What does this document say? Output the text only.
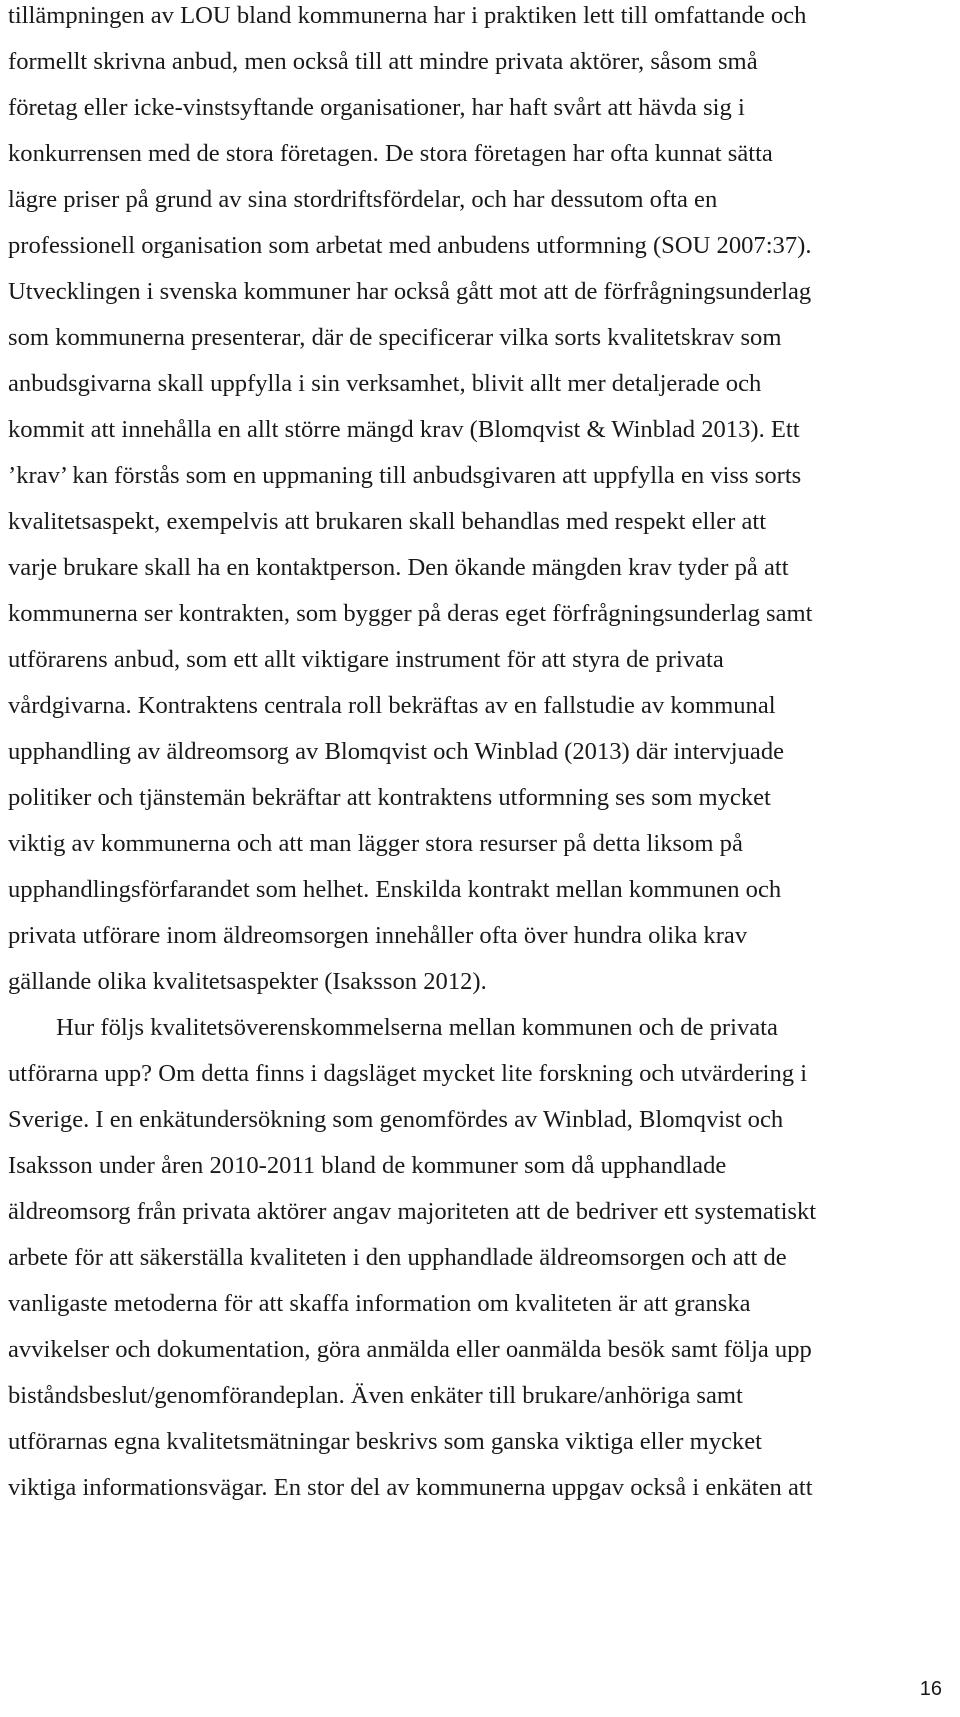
tillämpningen av LOU bland kommunerna har i praktiken lett till omfattande och
formellt skrivna anbud, men också till att mindre privata aktörer, såsom små
företag eller icke-vinstsyftande organisationer, har haft svårt att hävda sig i
konkurrensen med de stora företagen. De stora företagen har ofta kunnat sätta
lägre priser på grund av sina stordriftsfördelar, och har dessutom ofta en
professionell organisation som arbetat med anbudens utformning (SOU 2007:37).
Utvecklingen i svenska kommuner har också gått mot att de förfrågningsunderlag
som kommunerna presenterar, där de specificerar vilka sorts kvalitetskrav som
anbudsgivarna skall uppfylla i sin verksamhet, blivit allt mer detaljerade och
kommit att innehålla en allt större mängd krav (Blomqvist & Winblad 2013). Ett
’krav’ kan förstås som en uppmaning till anbudsgivaren att uppfylla en viss sorts
kvalitetsaspekt, exempelvis att brukaren skall behandlas med respekt eller att
varje brukare skall ha en kontaktperson. Den ökande mängden krav tyder på att
kommunerna ser kontrakten, som bygger på deras eget förfrågningsunderlag samt
utförarens anbud, som ett allt viktigare instrument för att styra de privata
vårdgivarna. Kontraktens centrala roll bekräftas av en fallstudie av kommunal
upphandling av äldreomsorg av Blomqvist och Winblad (2013) där intervjuade
politiker och tjänstemän bekräftar att kontraktens utformning ses som mycket
viktig av kommunerna och att man lägger stora resurser på detta liksom på
upphandlingsförfarandet som helhet. Enskilda kontrakt mellan kommunen och
privata utförare inom äldreomsorgen innehåller ofta över hundra olika krav
gällande olika kvalitetsaspekter (Isaksson 2012).
Hur följs kvalitetsöverenskommelserna mellan kommunen och de privata
utförarna upp? Om detta finns i dagsläget mycket lite forskning och utvärdering i
Sverige. I en enkätundersökning som genomfördes av Winblad, Blomqvist och
Isaksson under åren 2010-2011 bland de kommuner som då upphandlade
äldreomsorg från privata aktörer angav majoriteten att de bedriver ett systematiskt
arbete för att säkerställa kvaliteten i den upphandlade äldreomsorgen och att de
vanligaste metoderna för att skaffa information om kvaliteten är att granska
avvikelser och dokumentation, göra anmälda eller oanmälda besök samt följa upp
biståndsbeslut/genomförandeplan. Även enkäter till brukare/anhöriga samt
utförarnas egna kvalitetsmätningar beskrivs som ganska viktiga eller mycket
viktiga informationsvägar. En stor del av kommunerna uppgav också i enkäten att
16
